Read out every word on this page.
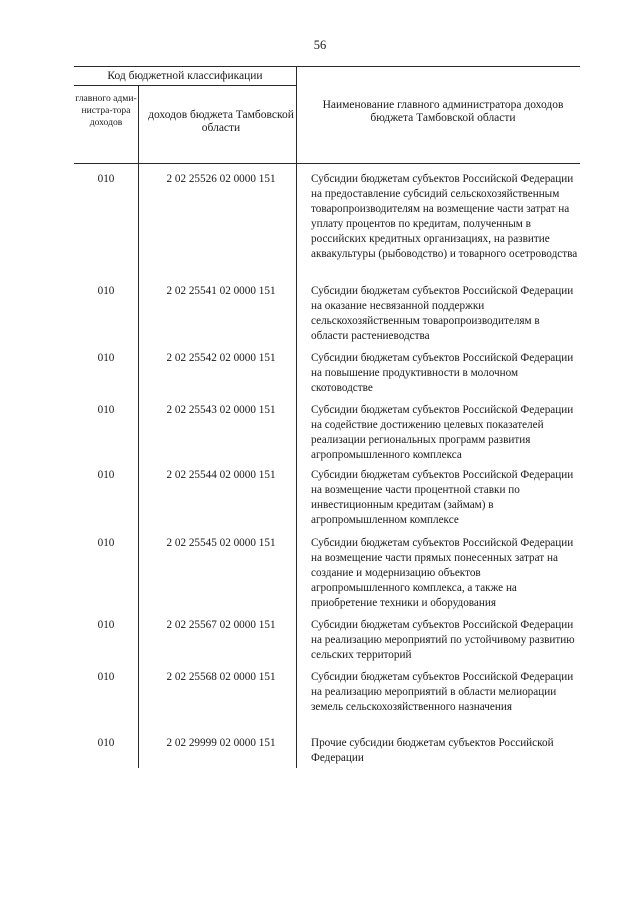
56
Код бюджетной классификации
главного адми-нистра-тора доходов
доходов бюджета Тамбовской области
Наименование главного администратора доходов бюджета Тамбовской области
010	2 02 25526 02 0000 151	Субсидии бюджетам субъектов Российской Федерации на предоставление субсидий сельскохозяйственным товаропроизводителям на возмещение части затрат на уплату процентов по кредитам, полученным в российских кредитных организациях, на развитие аквакультуры (рыбоводство) и товарного осетроводства
010	2 02 25541 02 0000 151	Субсидии бюджетам субъектов Российской Федерации на оказание несвязанной поддержки сельскохозяйственным товаропроизводителям в области растениеводства
010	2 02 25542 02 0000 151	Субсидии бюджетам субъектов Российской Федерации на повышение продуктивности в молочном скотоводстве
010	2 02 25543 02 0000 151	Субсидии бюджетам субъектов Российской Федерации на содействие достижению целевых показателей реализации региональных программ развития агропромышленного комплекса
010	2 02 25544 02 0000 151	Субсидии бюджетам субъектов Российской Федерации на возмещение части процентной ставки по инвестиционным кредитам (займам) в агропромышленном комплексе
010	2 02 25545 02 0000 151	Субсидии бюджетам субъектов Российской Федерации на возмещение части прямых понесенных затрат на создание и модернизацию объектов агропромышленного комплекса, а также на приобретение техники и оборудования
010	2 02 25567 02 0000 151	Субсидии бюджетам субъектов Российской Федерации на реализацию мероприятий по устойчивому развитию сельских территорий
010	2 02 25568 02 0000 151	Субсидии бюджетам субъектов Российской Федерации на реализацию мероприятий в области мелиорации земель сельскохозяйственного назначения
010	2 02 29999 02 0000 151	Прочие субсидии бюджетам субъектов Российской Федерации
